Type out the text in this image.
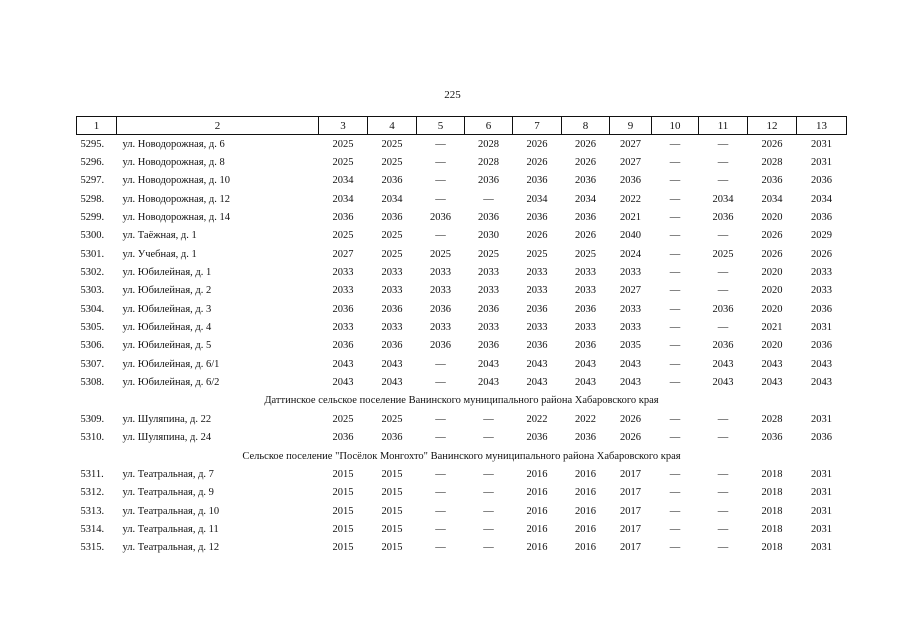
225
1	2	3	4	5	6	7	8	9	10	11	12	13
5295.	ул. Новодорожная, д. 6	2025	2025	—	2028	2026	2026	2027	—	—	2026	2031
5296.	ул. Новодорожная, д. 8	2025	2025	—	2028	2026	2026	2027	—	—	2028	2031
5297.	ул. Новодорожная, д. 10	2034	2036	—	2036	2036	2036	2036	—	—	2036	2036
5298.	ул. Новодорожная, д. 12	2034	2034	—	—	2034	2034	2022	—	2034	2034	2034
5299.	ул. Новодорожная, д. 14	2036	2036	2036	2036	2036	2036	2021	—	2036	2020	2036
5300.	ул. Таёжная, д. 1	2025	2025	—	2030	2026	2026	2040	—	—	2026	2029
5301.	ул. Учебная, д. 1	2027	2025	2025	2025	2025	2025	2024	—	2025	2026	2026
5302.	ул. Юбилейная, д. 1	2033	2033	2033	2033	2033	2033	2033	—	—	2020	2033
5303.	ул. Юбилейная, д. 2	2033	2033	2033	2033	2033	2033	2027	—	—	2020	2033
5304.	ул. Юбилейная, д. 3	2036	2036	2036	2036	2036	2036	2033	—	2036	2020	2036
5305.	ул. Юбилейная, д. 4	2033	2033	2033	2033	2033	2033	2033	—	—	2021	2031
5306.	ул. Юбилейная, д. 5	2036	2036	2036	2036	2036	2036	2035	—	2036	2020	2036
5307.	ул. Юбилейная, д. 6/1	2043	2043	—	2043	2043	2043	2043	—	2043	2043	2043
5308.	ул. Юбилейная, д. 6/2	2043	2043	—	2043	2043	2043	2043	—	2043	2043	2043
Даттинское сельское поселение Ванинского муниципального района Хабаровского края												
5309.	ул. Шуляпина, д. 22	2025	2025	—	—	2022	2022	2026	—	—	2028	2031
5310.	ул. Шуляпина, д. 24	2036	2036	—	—	2036	2036	2026	—	—	2036	2036
Сельское поселение "Посёлок Монгохто" Ванинского муниципального района Хабаровского края												
5311.	ул. Театральная, д. 7	2015	2015	—	—	2016	2016	2017	—	—	2018	2031
5312.	ул. Театральная, д. 9	2015	2015	—	—	2016	2016	2017	—	—	2018	2031
5313.	ул. Театральная, д. 10	2015	2015	—	—	2016	2016	2017	—	—	2018	2031
5314.	ул. Театральная, д. 11	2015	2015	—	—	2016	2016	2017	—	—	2018	2031
5315.	ул. Театральная, д. 12	2015	2015	—	—	2016	2016	2017	—	—	2018	2031
